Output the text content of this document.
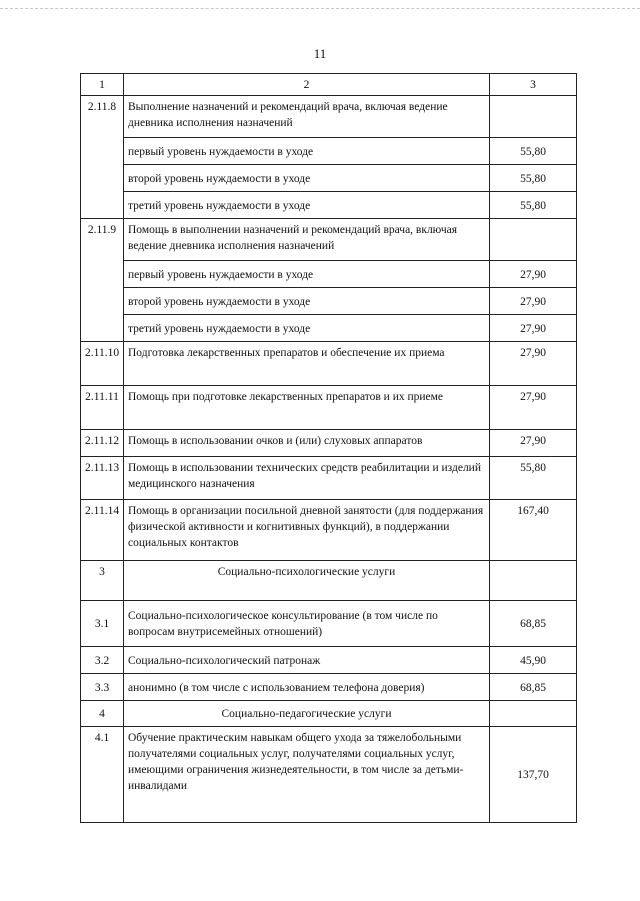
11
1	2	3
2.11.8	Выполнение назначений и рекомендаций врача, включая ведение дневника исполнения назначений	
	первый уровень нуждаемости в уходе	55,80
	второй уровень нуждаемости в уходе	55,80
	третий уровень нуждаемости в уходе	55,80
2.11.9	Помощь в выполнении назначений и рекомендаций врача, включая ведение дневника исполнения назначений	
	первый уровень нуждаемости в уходе	27,90
	второй уровень нуждаемости в уходе	27,90
	третий уровень нуждаемости в уходе	27,90
2.11.10	Подготовка лекарственных препаратов и обеспечение их приема	27,90
2.11.11	Помощь при подготовке лекарственных препаратов и их приеме	27,90
2.11.12	Помощь в использовании очков и (или) слуховых аппаратов	27,90
2.11.13	Помощь в использовании технических средств реабилитации и изделий медицинского назначения	55,80
2.11.14	Помощь в организации посильной дневной занятости (для поддержания физической активности и когнитивных функций), в поддержании социальных контактов	167,40
3	Социально-психологические услуги	
3.1	Социально-психологическое консультирование (в том числе по вопросам внутрисемейных отношений)	68,85
3.2	Социально-психологический патронаж	45,90
3.3	анонимно (в том числе с использованием телефона доверия)	68,85
4	Социально-педагогические услуги	
4.1	Обучение практическим навыкам общего ухода за тяжелобольными получателями социальных услуг, получателями социальных услуг, имеющими ограничения жизнедеятельности, в том числе за детьми-инвалидами	137,70
